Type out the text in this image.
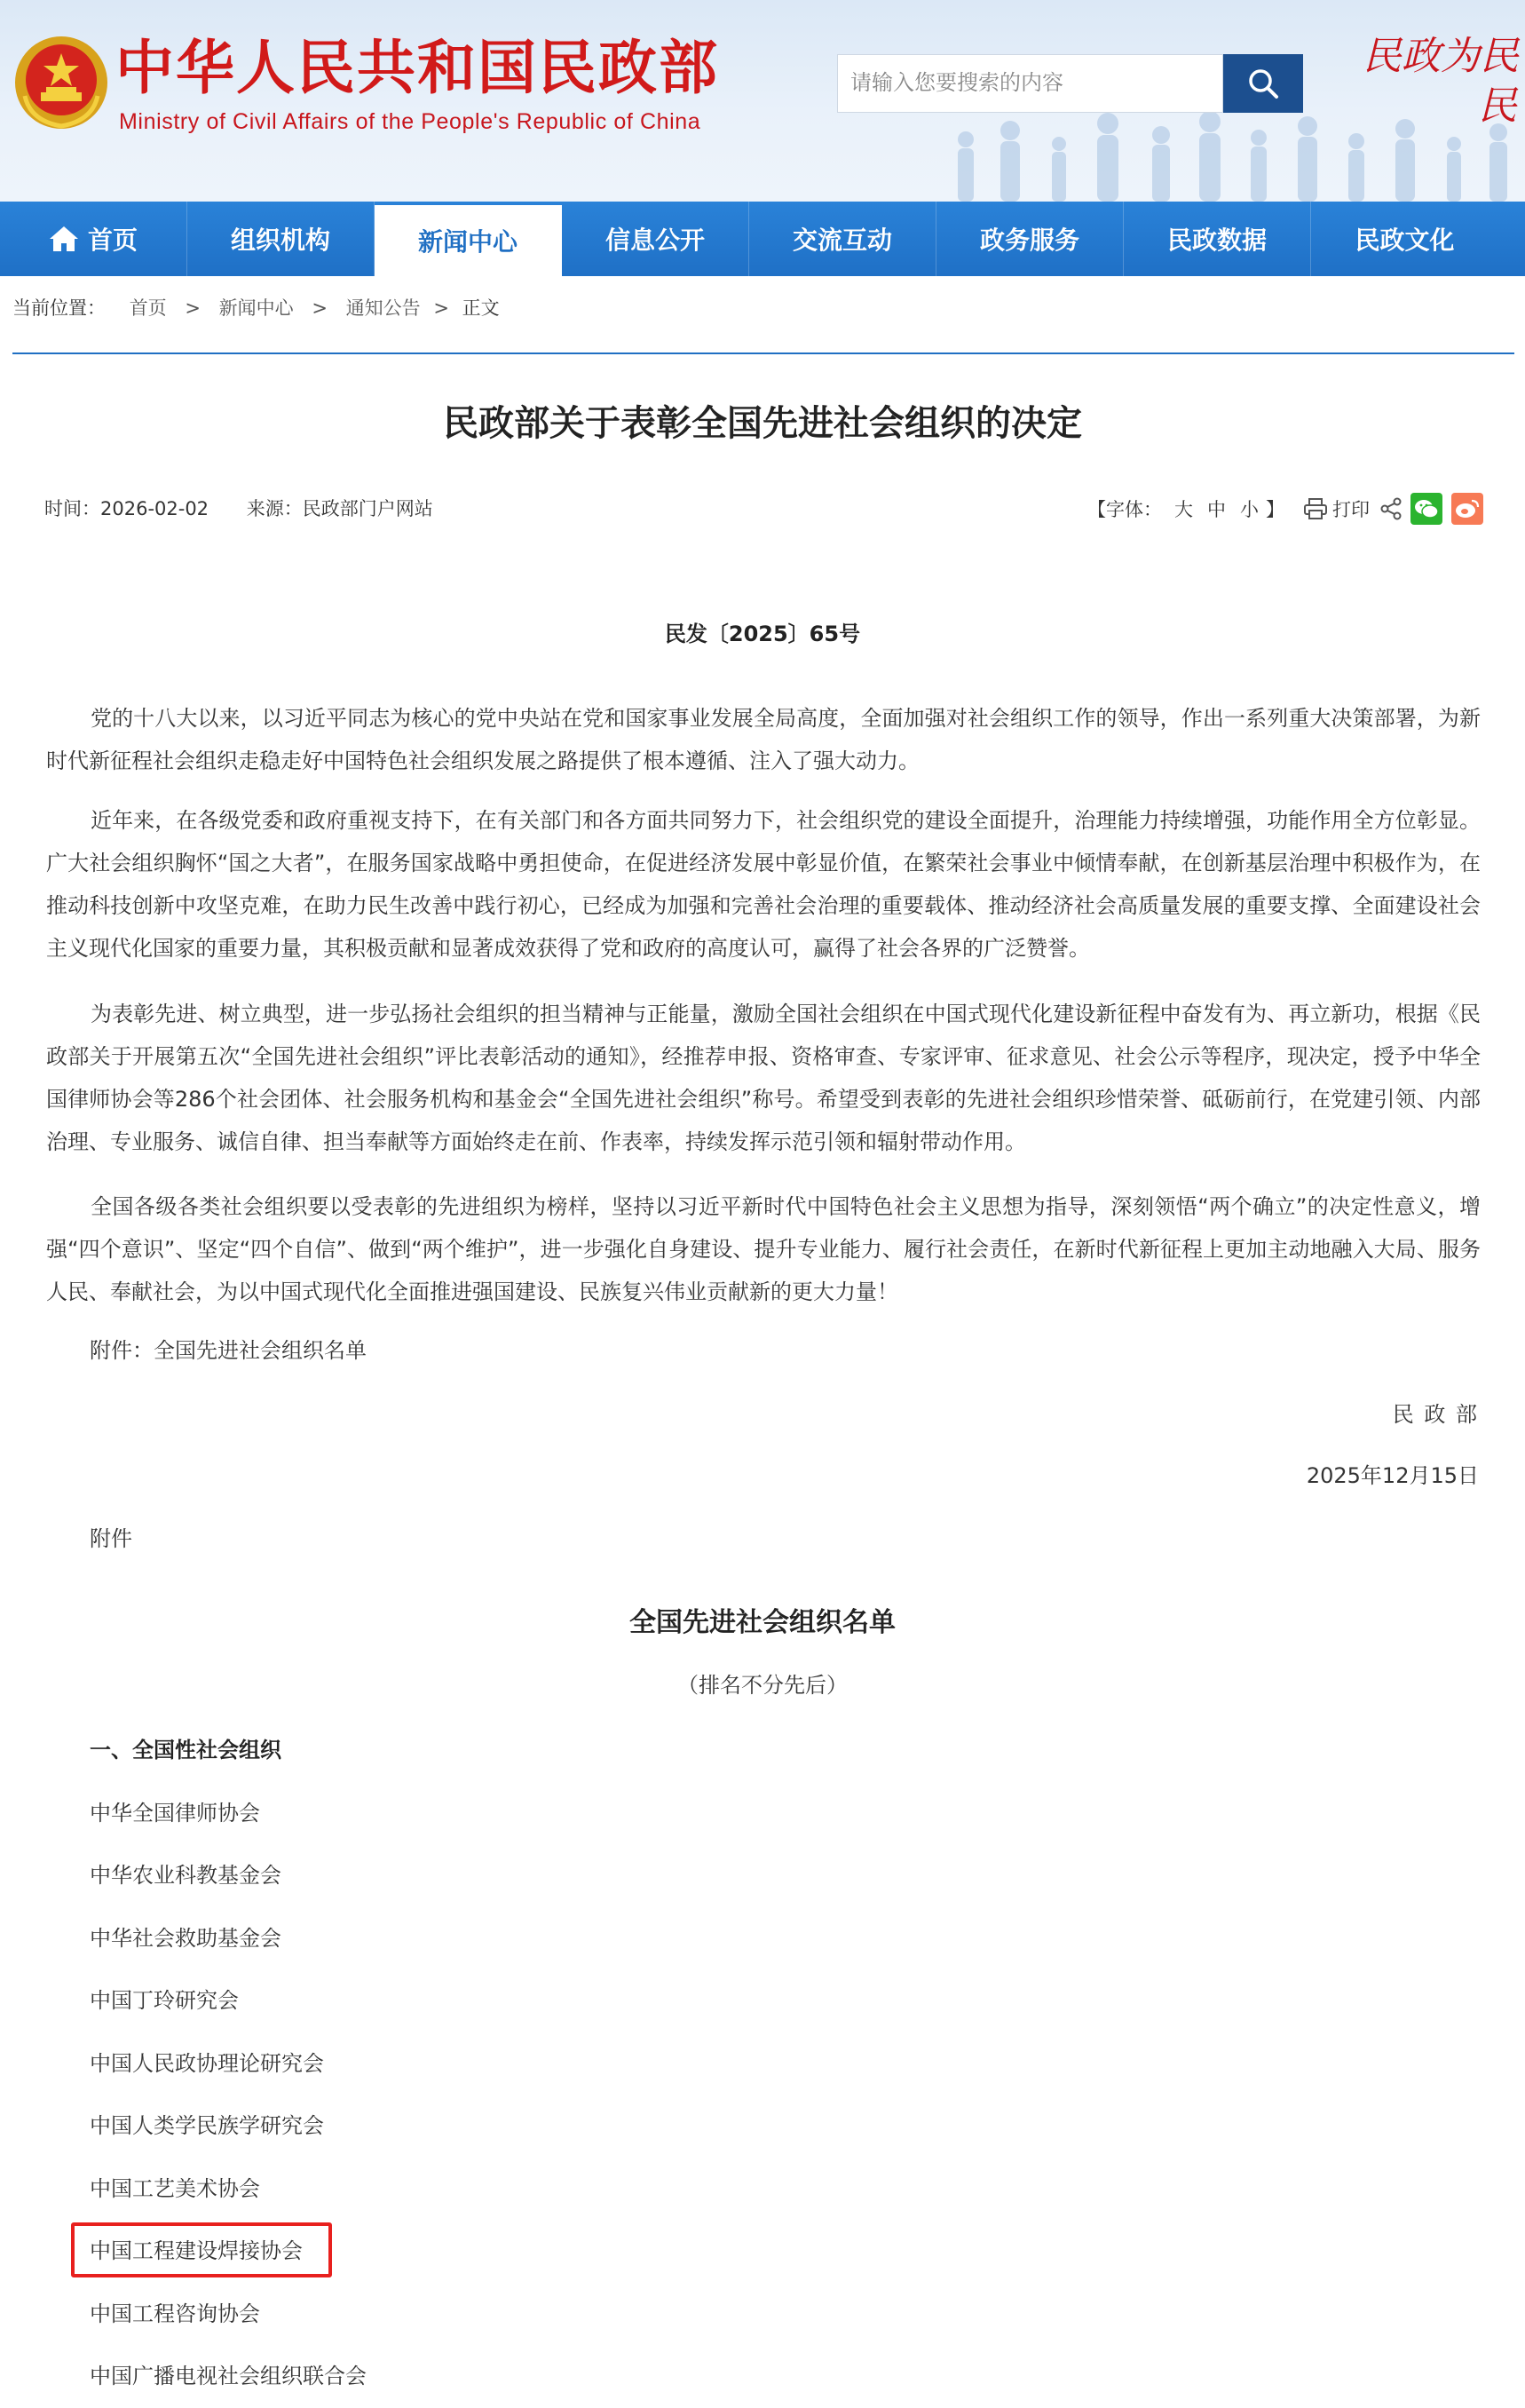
中华人民共和国民政部
Ministry of Civil Affairs of the People's Republic of China
请输入您要搜索的内容
民政为民
民
首页	组织机构	新闻中心	信息公开	交流互动	政务服务	民政数据	民政文化
当前位置： 首页 > 新闻中心 > 通知公告 > 正文
民政部关于表彰全国先进社会组织的决定
时间：2026-02-02 来源：民政部门户网站	【字体： 大 中 小 】	打印
民发〔2025〕65号

党的十八大以来，以习近平同志为核心的党中央站在党和国家事业发展全局高度，全面加强对社会组织工作的领导，作出一系列重大决策部署，为新时代新征程社会组织走稳走好中国特色社会组织发展之路提供了根本遵循、注入了强大动力。

近年来，在各级党委和政府重视支持下，在有关部门和各方面共同努力下，社会组织党的建设全面提升，治理能力持续增强，功能作用全方位彰显。广大社会组织胸怀“国之大者”，在服务国家战略中勇担使命，在促进经济发展中彰显价值，在繁荣社会事业中倾情奉献，在创新基层治理中积极作为，在推动科技创新中攻坚克难，在助力民生改善中践行初心，已经成为加强和完善社会治理的重要载体、推动经济社会高质量发展的重要支撑、全面建设社会主义现代化国家的重要力量，其积极贡献和显著成效获得了党和政府的高度认可，赢得了社会各界的广泛赞誉。

为表彰先进、树立典型，进一步弘扬社会组织的担当精神与正能量，激励全国社会组织在中国式现代化建设新征程中奋发有为、再立新功，根据《民政部关于开展第五次“全国先进社会组织”评比表彰活动的通知》，经推荐申报、资格审查、专家评审、征求意见、社会公示等程序，现决定，授予中华全国律师协会等286个社会团体、社会服务机构和基金会“全国先进社会组织”称号。希望受到表彰的先进社会组织珍惜荣誉、砥砺前行，在党建引领、内部治理、专业服务、诚信自律、担当奉献等方面始终走在前、作表率，持续发挥示范引领和辐射带动作用。

全国各级各类社会组织要以受表彰的先进组织为榜样，坚持以习近平新时代中国特色社会主义思想为指导，深刻领悟“两个确立”的决定性意义，增强“四个意识”、坚定“四个自信”、做到“两个维护”，进一步强化自身建设、提升专业能力、履行社会责任，在新时代新征程上更加主动地融入大局、服务人民、奉献社会，为以中国式现代化全面推进强国建设、民族复兴伟业贡献新的更大力量！

附件：全国先进社会组织名单
民 政 部
2025年12月15日
附件
全国先进社会组织名单
（排名不分先后）
一、全国性社会组织
中华全国律师协会
中华农业科教基金会
中华社会救助基金会
中国丁玲研究会
中国人民政协理论研究会
中国人类学民族学研究会
中国工艺美术协会
中国工程建设焊接协会
中国工程咨询协会
中国广播电视社会组织联合会
